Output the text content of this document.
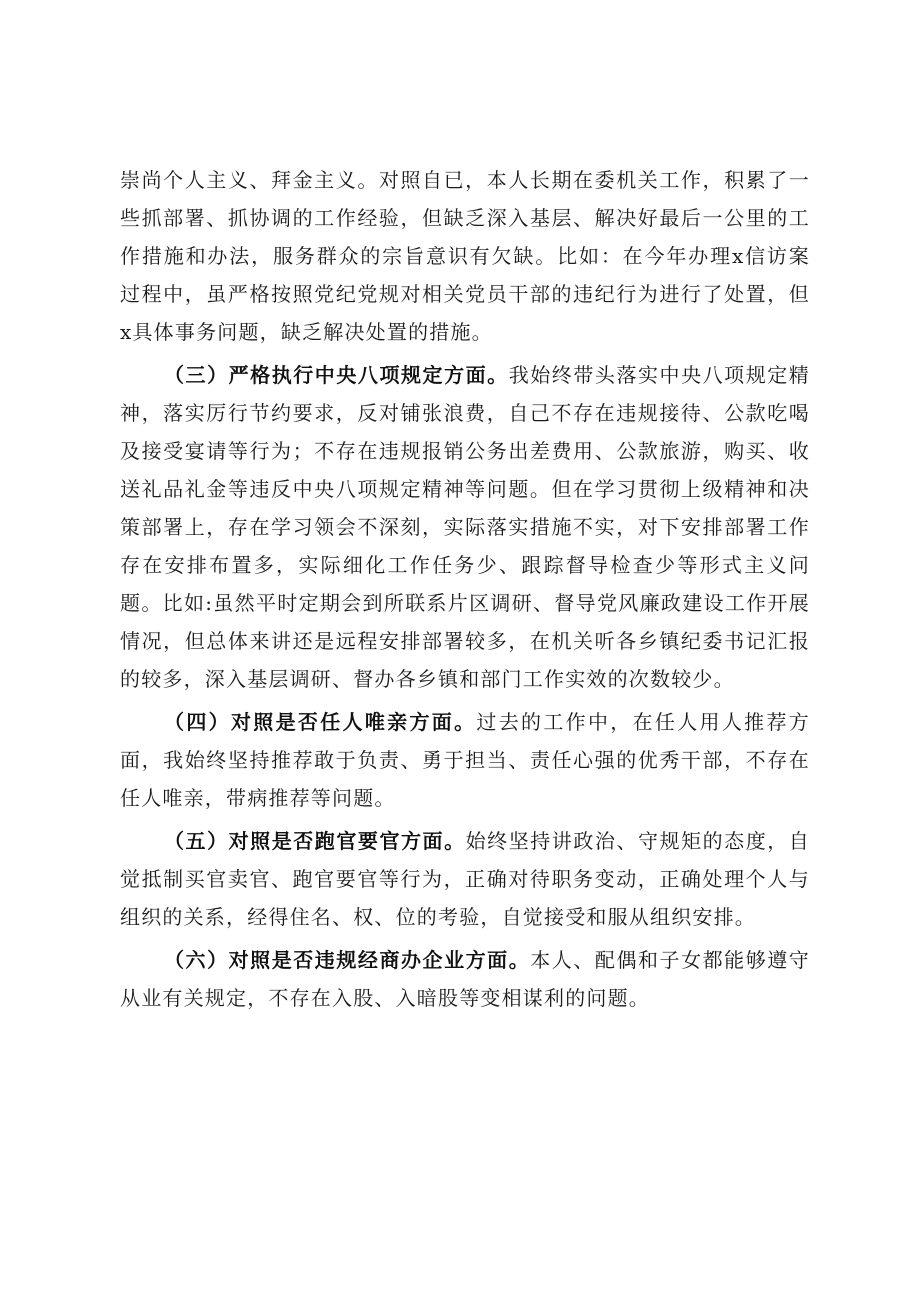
崇尚个人主义、拜金主义。对照自已，本人长期在委机关工作，积累了一些抓部署、抓协调的工作经验，但缺乏深入基层、解决好最后一公里的工作措施和办法，服务群众的宗旨意识有欠缺。比如：在今年办理x信访案过程中，虽严格按照党纪党规对相关党员干部的违纪行为进行了处置，但x具体事务问题，缺乏解决处置的措施。

（三）严格执行中央八项规定方面。我始终带头落实中央八项规定精神，落实厉行节约要求，反对铺张浪费，自己不存在违规接待、公款吃喝及接受宴请等行为；不存在违规报销公务出差费用、公款旅游，购买、收送礼品礼金等违反中央八项规定精神等问题。但在学习贯彻上级精神和决策部署上，存在学习领会不深刻，实际落实措施不实，对下安排部署工作存在安排布置多，实际细化工作任务少、跟踪督导检查少等形式主义问题。比如:虽然平时定期会到所联系片区调研、督导党风廉政建设工作开展情况，但总体来讲还是远程安排部署较多，在机关听各乡镇纪委书记汇报的较多，深入基层调研、督办各乡镇和部门工作实效的次数较少。

（四）对照是否任人唯亲方面。过去的工作中，在任人用人推荐方面，我始终坚持推荐敢于负责、勇于担当、责任心强的优秀干部，不存在任人唯亲，带病推荐等问题。

（五）对照是否跑官要官方面。始终坚持讲政治、守规矩的态度，自觉抵制买官卖官、跑官要官等行为，正确对待职务变动，正确处理个人与组织的关系，经得住名、权、位的考验，自觉接受和服从组织安排。

（六）对照是否违规经商办企业方面。本人、配偶和子女都能够遵守从业有关规定，不存在入股、入暗股等变相谋利的问题。
